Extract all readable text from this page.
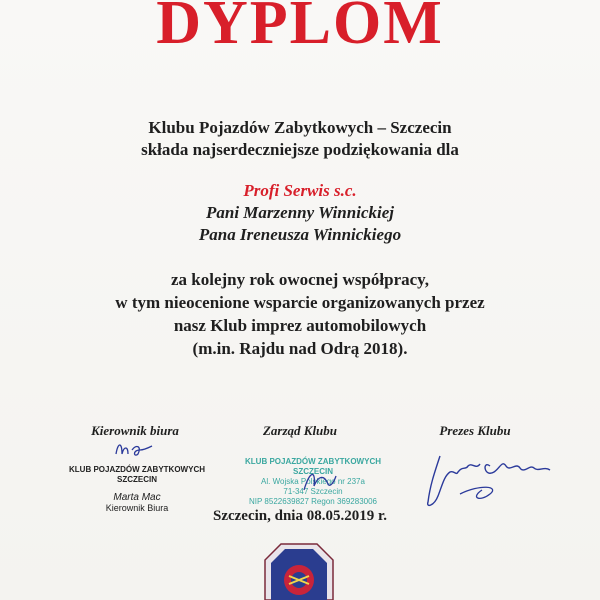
DYPLOM
Klubu Pojazdów Zabytkowych – Szczecin
składa najserdeczniejsze podziękowania dla
Profi Serwis s.c.
Pani Marzenny Winnickiej
Pana Ireneusza Winnickiego
za kolejny rok owocnej współpracy,
w tym nieocenione wsparcie organizowanych przez
nasz Klub imprez automobilowych
(m.in. Rajdu nad Odrą 2018).
Kierownik biura	Zarząd Klubu	Prezes Klubu
KLUB POJAZDÓW ZABYTKOWYCH
SZCZECIN
Marta Mac
Kierownik Biura
KLUB POJAZDÓW ZABYTKOWYCH
SZCZECIN
Al. Wojska Polskiego nr 237a
71-347 Szczecin
NIP 8522639827 Regon 369283006
Szczecin, dnia 08.05.2019 r.
